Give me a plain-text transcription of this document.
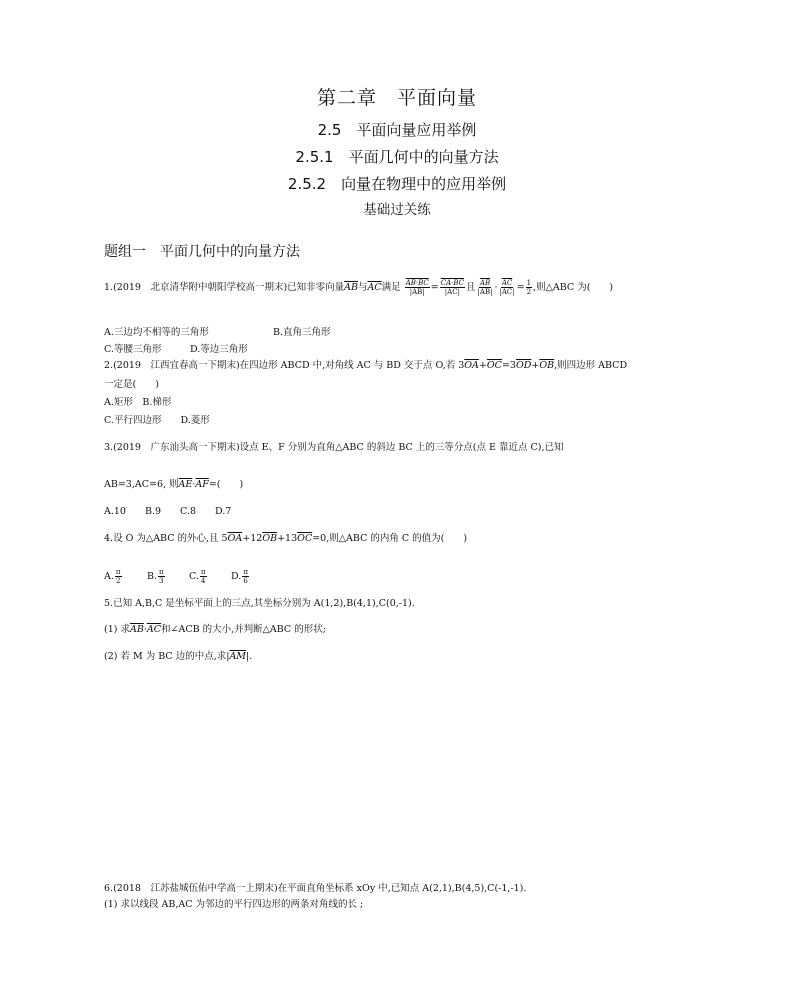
第二章　平面向量
2.5　平面向量应用举例
2.5.1　平面几何中的向量方法
2.5.2　向量在物理中的应用举例
基础过关练
题组一　平面几何中的向量方法
1.(2019　北京清华附中朝阳学校高一期末)已知非零向量$\overline{AB}$与$\overline{AC}$满足 $\frac{AB\cdot BC}{|AB|} = \frac{CA\cdot BC}{|AC|}$ 且 $\frac{\overline{AB}}{|AB|} \cdot \frac{\overline{AC}}{|AC|} = \frac{1}{2}$ ,则△ABC 为(　　)
A.三边均不相等的三角形	B.直角三角形
C.等腰三角形	D.等边三角形
2.(2019　江西宜春高一下期末)在四边形 ABCD 中,对角线 AC 与 BD 交于点 O,若 $3\overline{OA}+\overline{OC}=3\overline{OD}+\overline{OB}$,则四边形 ABCD
一定是(　　)
A.矩形　B.梯形
C.平行四边形　　D.菱形
3.(2019　广东汕头高一下期末)设点 E、F 分别为直角△ABC 的斜边 BC 上的三等分点(点 E 靠近点 C),已知
AB=3,AC=6, 则$\overline{AE}\cdot\overline{AF}=$(　　)
A.10　　B.9　　C.8　　D.7
4.设 O 为△ABC 的外心,且 $5\overline{OA}+12\overline{OB}+13\overline{OC}=0$,则△ABC 的内角 C 的值为(　　)
A. $\frac{\pi}{2}$	B. $\frac{\pi}{3}$	C. $\frac{\pi}{4}$	D. $\frac{\pi}{6}$
5.已知 A,B,C 是坐标平面上的三点,其坐标分别为 A(1,2),B(4,1),C(0,-1).
(1) 求$\overline{AB}\cdot\overline{AC}$和∠ACB 的大小,并判断△ABC 的形状;
(2) 若 M 为 BC 边的中点,求$|\overline{AM}|$.
6.(2018　江苏盐城伍佑中学高一上期末)在平面直角坐标系 xOy 中,已知点 A(2,1),B(4,5),C(-1,-1).
(1) 求以线段 AB,AC 为邻边的平行四边形的两条对角线的长 ;
